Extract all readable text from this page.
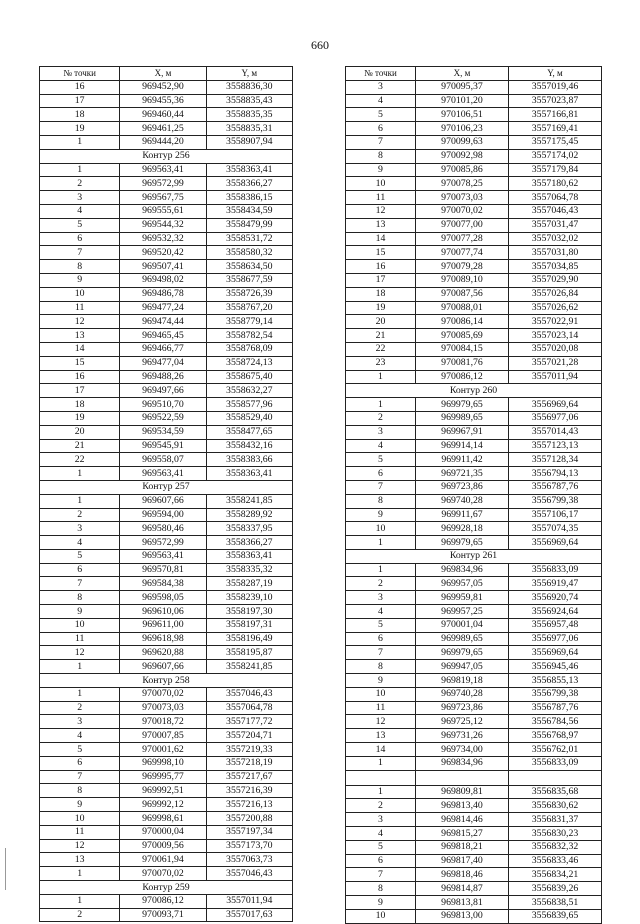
660
№ точки	X, м	Y, м
16	969452,90	3558836,30
17	969455,36	3558835,43
18	969460,44	3558835,35
19	969461,25	3558835,31
1	969444,20	3558907,94
Контур 256		
1	969563,41	3558363,41
2	969572,99	3558366,27
3	969567,75	3558386,15
4	969555,61	3558434,59
5	969544,32	3558479,99
6	969532,32	3558531,72
7	969520,42	3558580,32
8	969507,41	3558634,50
9	969498,02	3558677,59
10	969486,78	3558726,39
11	969477,24	3558767,20
12	969474,44	3558779,14
13	969465,45	3558782,54
14	969466,77	3558768,09
15	969477,04	3558724,13
16	969488,26	3558675,40
17	969497,66	3558632,27
18	969510,70	3558577,96
19	969522,59	3558529,40
20	969534,59	3558477,65
21	969545,91	3558432,16
22	969558,07	3558383,66
1	969563,41	3558363,41
Контур 257		
1	969607,66	3558241,85
2	969594,00	3558289,92
3	969580,46	3558337,95
4	969572,99	3558366,27
5	969563,41	3558363,41
6	969570,81	3558335,32
7	969584,38	3558287,19
8	969598,05	3558239,10
9	969610,06	3558197,30
10	969611,00	3558197,31
11	969618,98	3558196,49
12	969620,88	3558195,87
1	969607,66	3558241,85
Контур 258		
1	970070,02	3557046,43
2	970073,03	3557064,78
3	970018,72	3557177,72
4	970007,85	3557204,71
5	970001,62	3557219,33
6	969998,10	3557218,19
7	969995,77	3557217,67
8	969992,51	3557216,39
9	969992,12	3557216,13
10	969998,61	3557200,88
11	970000,04	3557197,34
12	970009,56	3557173,70
13	970061,94	3557063,73
1	970070,02	3557046,43
Контур 259		
1	970086,12	3557011,94
2	970093,71	3557017,63
№ точки	X, м	Y, м
3	970095,37	3557019,46
4	970101,20	3557023,87
5	970106,51	3557166,81
6	970106,23	3557169,41
7	970099,63	3557175,45
8	970092,98	3557174,02
9	970085,86	3557179,84
10	970078,25	3557180,62
11	970073,03	3557064,78
12	970070,02	3557046,43
13	970077,00	3557031,47
14	970077,28	3557032,02
15	970077,74	3557031,80
16	970079,28	3557034,85
17	970089,10	3557029,90
18	970087,56	3557026,84
19	970088,01	3557026,62
20	970086,14	3557022,91
21	970085,69	3557023,14
22	970084,15	3557020,08
23	970081,76	3557021,28
1	970086,12	3557011,94
Контур 260		
1	969979,65	3556969,64
2	969989,65	3556977,06
3	969967,91	3557014,43
4	969914,14	3557123,13
5	969911,42	3557128,34
6	969721,35	3556794,13
7	969723,86	3556787,76
8	969740,28	3556799,38
9	969911,67	3557106,17
10	969928,18	3557074,35
1	969979,65	3556969,64
Контур 261		
1	969834,96	3556833,09
2	969957,05	3556919,47
3	969959,81	3556920,74
4	969957,25	3556924,64
5	970001,04	3556957,48
6	969989,65	3556977,06
7	969979,65	3556969,64
8	969947,05	3556945,46
9	969819,18	3556855,13
10	969740,28	3556799,38
11	969723,86	3556787,76
12	969725,12	3556784,56
13	969731,26	3556768,97
14	969734,00	3556762,01
1	969834,96	3556833,09

1	969809,81	3556835,68
2	969813,40	3556830,62
3	969814,46	3556831,37
4	969815,27	3556830,23
5	969818,21	3556832,32
6	969817,40	3556833,46
7	969818,46	3556834,21
8	969814,87	3556839,26
9	969813,81	3556838,51
10	969813,00	3556839,65
